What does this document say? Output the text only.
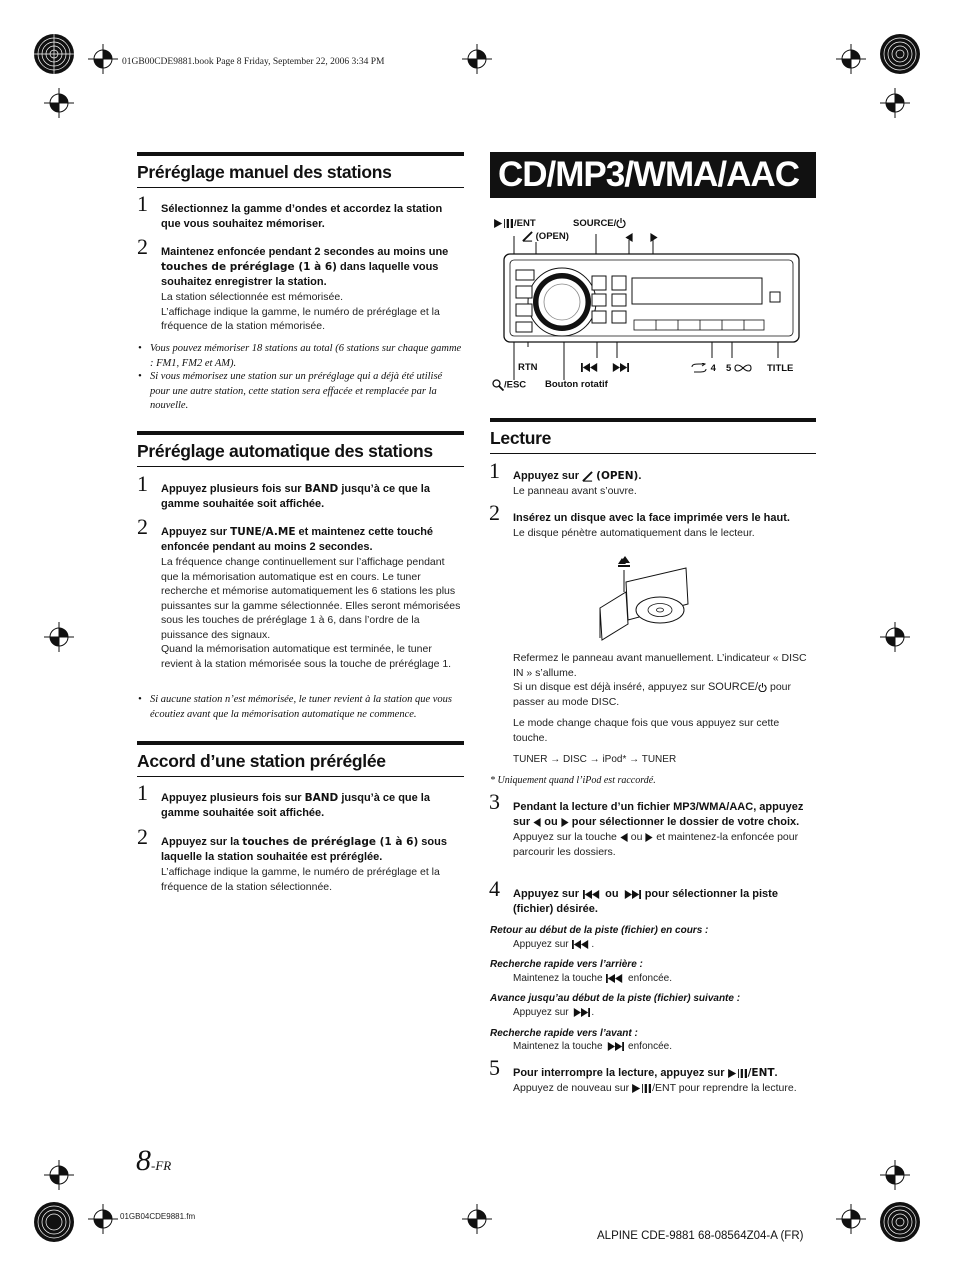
01GB00CDE9881.book Page 8 Friday, September 22, 2006 3:34 PM
Préréglage manuel des stations
1 Sélectionnez la gamme d’ondes et accordez la station que vous souhaitez mémoriser.
2 Maintenez enfoncée pendant 2 secondes au moins une touches de préréglage (1 à 6) dans laquelle vous souhaitez enregistrer la station.
La station sélectionnée est mémorisée.
L’affichage indique la gamme, le numéro de préréglage et la fréquence de la station mémorisée.
• Vous pouvez mémoriser 18 stations au total (6 stations sur chaque gamme : FM1, FM2 et AM).
• Si vous mémorisez une station sur un préréglage qui a déjà été utilisé pour une autre station, cette station sera effacée et remplacée par la nouvelle.
Préréglage automatique des stations
1 Appuyez plusieurs fois sur BAND jusqu’à ce que la gamme souhaitée soit affichée.
2 Appuyez sur TUNE/A.ME et maintenez cette touché enfoncée pendant au moins 2 secondes.
La fréquence change continuellement sur l’affichage pendant que la mémorisation automatique est en cours. Le tuner recherche et mémorise automatiquement les 6 stations les plus puissantes sur la gamme sélectionnée. Elles seront mémorisées sous les touches de préréglage 1 à 6, dans l’ordre de la puissance des signaux.
Quand la mémorisation automatique est terminée, le tuner revient à la station mémorisée sous la touche de préréglage 1.
• Si aucune station n’est mémorisée, le tuner revient à la station que vous écoutiez avant que la mémorisation automatique ne commence.
Accord d’une station préréglée
1 Appuyez plusieurs fois sur BAND jusqu’à ce que la gamme souhaitée soit affichée.
2 Appuyez sur la touches de préréglage (1 à 6) sous laquelle la station souhaitée est préréglée.
L’affichage indique la gamme, le numéro de préréglage et la fréquence de la station sélectionnée.
CD/MP3/WMA/AAC
/ENT	SOURCE/
(OPEN)
RTN
/ESC Bouton rotatif
4 5	TITLE
Lecture
1 Appuyez sur  (OPEN).
Le panneau avant s’ouvre.
2 Insérez un disque avec la face imprimée vers le haut.
Le disque pénètre automatiquement dans le lecteur.
Refermez le panneau avant manuellement. L’indicateur « DISC IN » s’allume.
Si un disque est déjà inséré, appuyez sur SOURCE/ pour passer au mode DISC.
Le mode change chaque fois que vous appuyez sur cette touche.
TUNER → DISC → iPod* → TUNER
* Uniquement quand l’iPod est raccordé.
3 Pendant la lecture d’un fichier MP3/WMA/AAC, appuyez sur  ou  pour sélectionner le dossier de votre choix.
Appuyez sur la touche  ou  et maintenez-la enfoncée pour parcourir les dossiers.
4 Appuyez sur  ou  pour sélectionner la piste (fichier) désirée.
Retour au début de la piste (fichier) en cours :
Appuyez sur .
Recherche rapide vers l’arrière :
Maintenez la touche  enfoncée.
Avance jusqu’au début de la piste (fichier) suivante :
Appuyez sur .
Recherche rapide vers l’avant :
Maintenez la touche  enfoncée.
5 Pour interrompre la lecture, appuyez sur /ENT.
Appuyez de nouveau sur /ENT pour reprendre la lecture.
8-FR
01GB04CDE9881.fm
ALPINE CDE-9881 68-08564Z04-A (FR)
